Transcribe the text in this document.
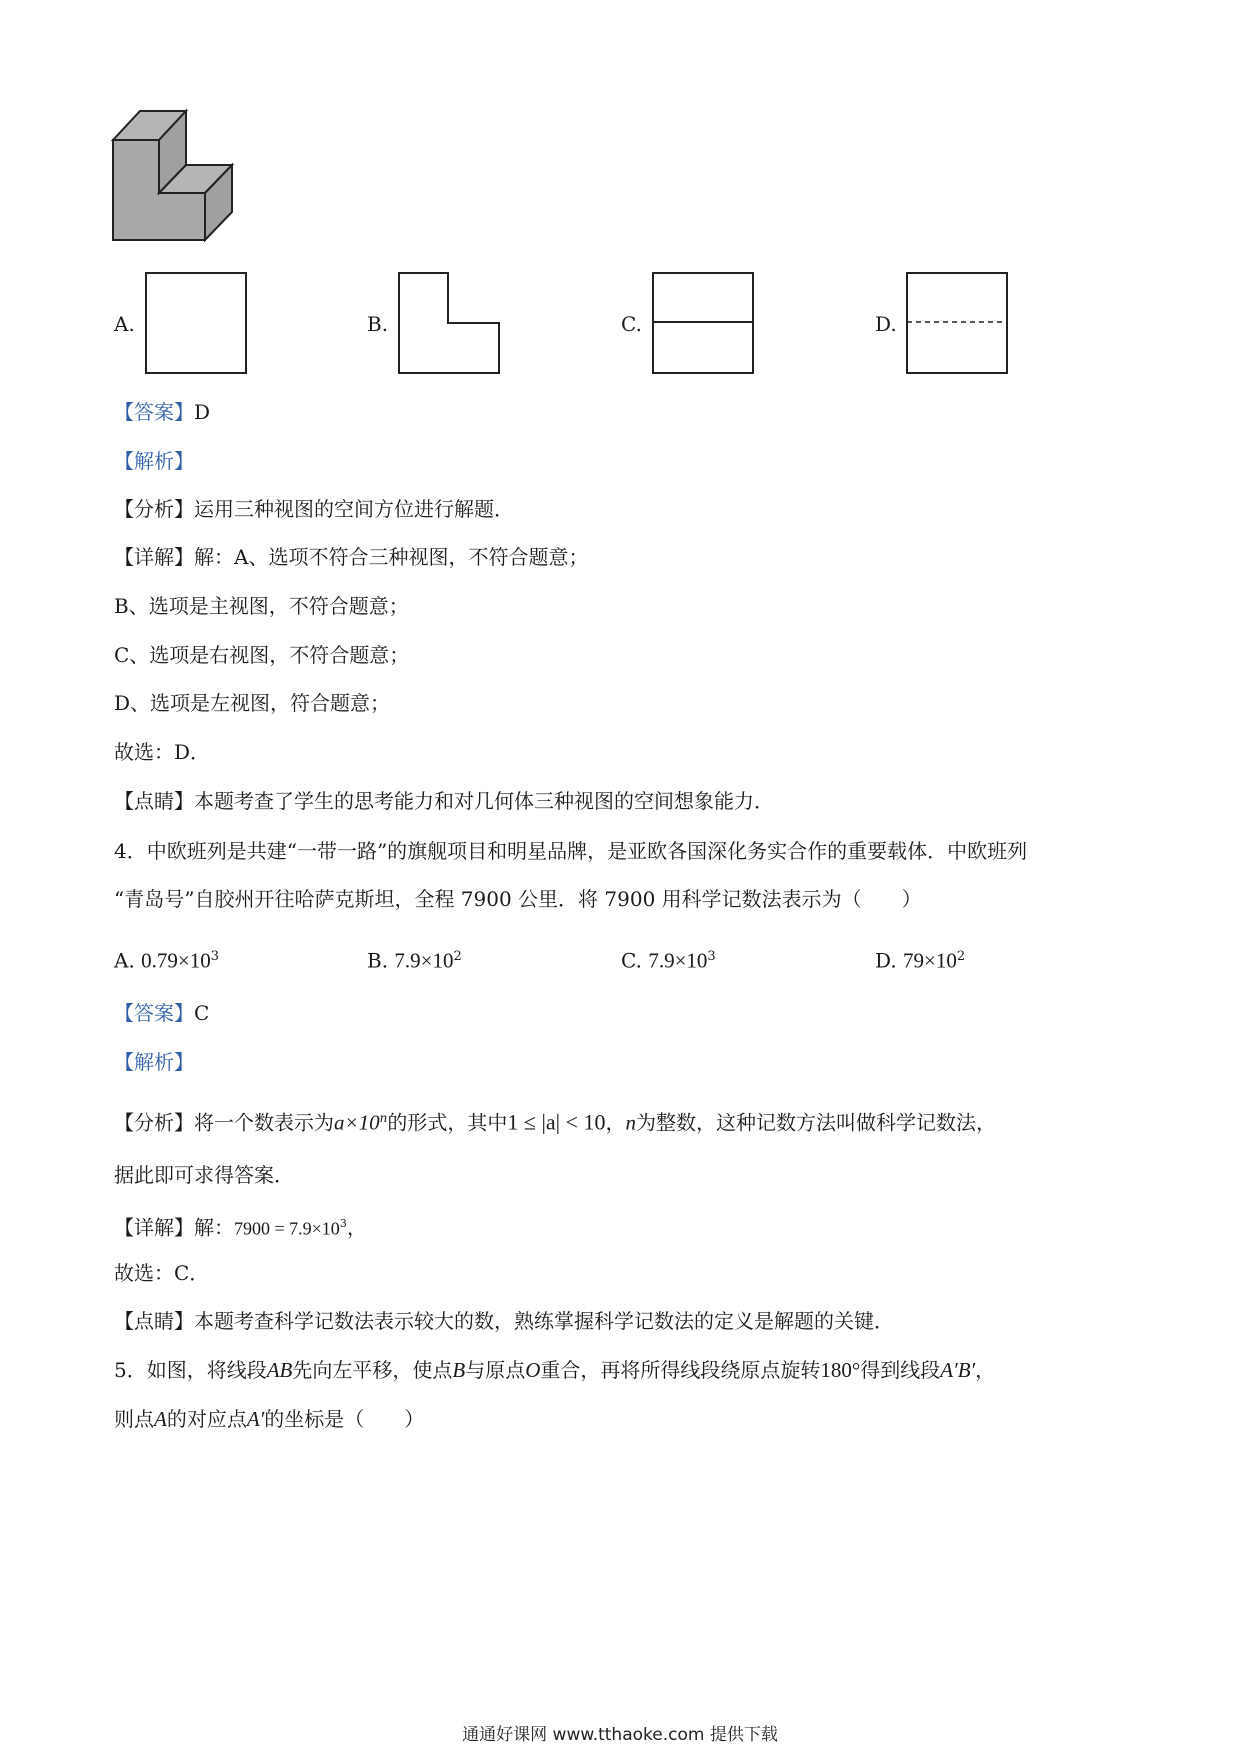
A.	B.	C.	D.
【答案】D
【解析】
【分析】运用三种视图的空间方位进行解题．
【详解】解：A、选项不符合三种视图，不符合题意；
B、选项是主视图，不符合题意；
C、选项是右视图，不符合题意；
D、选项是左视图，符合题意；
故选：D．
【点睛】本题考查了学生的思考能力和对几何体三种视图的空间想象能力．
4．中欧班列是共建“一带一路”的旗舰项目和明星品牌，是亚欧各国深化务实合作的重要载体．中欧班列
“青岛号”自胶州开往哈萨克斯坦，全程 7900 公里．将 7900 用科学记数法表示为（　　）
A. $0.79\times 10^3$	B. $7.9\times 10^2$	C. $7.9\times 10^3$	D. $79\times 10^2$
【答案】C
【解析】
【分析】将一个数表示为$a\times 10^n$的形式，其中1 ≤ |a| < 10，n为整数，这种记数方法叫做科学记数法，
据此即可求得答案．
【详解】解：$7900 = 7.9\times 10^3$，
故选：C．
【点睛】本题考查科学记数法表示较大的数，熟练掌握科学记数法的定义是解题的关键．
5．如图，将线段AB先向左平移，使点B与原点O重合，再将所得线段绕原点旋转180°得到线段A′B′，
则点A的对应点A′的坐标是（　　）
通通好课网 www.tthaoke.com 提供下载
